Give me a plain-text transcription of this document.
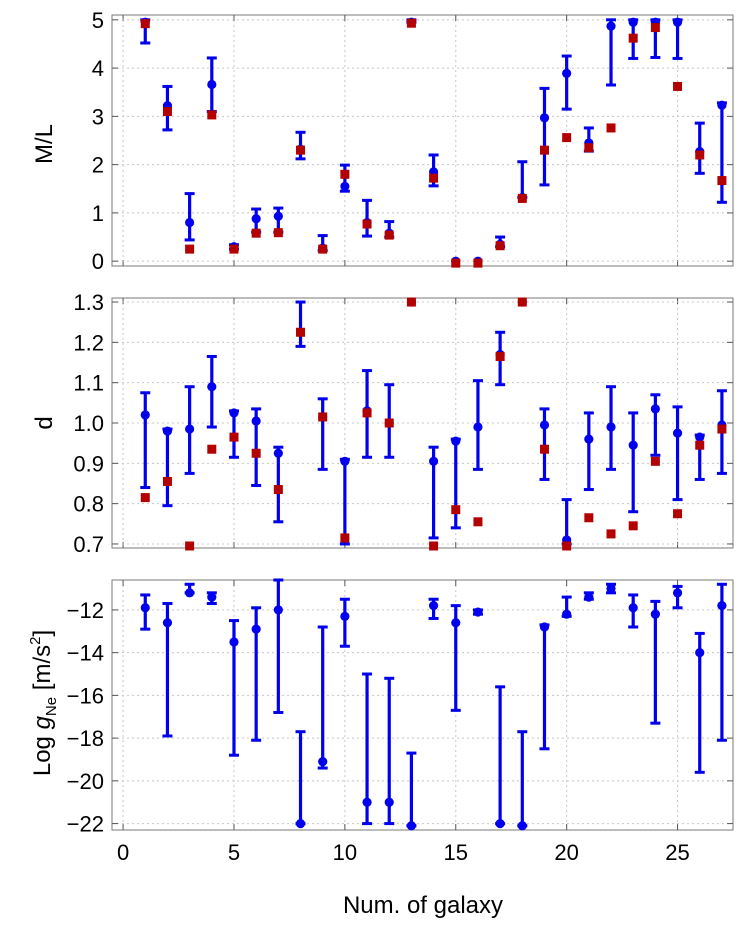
Num. of galaxy
M/L
0
1
2
3
4
5
d
0.7
0.8
0.9
1.0
1.1
1.2
1.3
Log $g_{Ne}$ $[m/s^2]$
0	5	10	15	20	25
−22
−20
−18
−16
−14
−12
